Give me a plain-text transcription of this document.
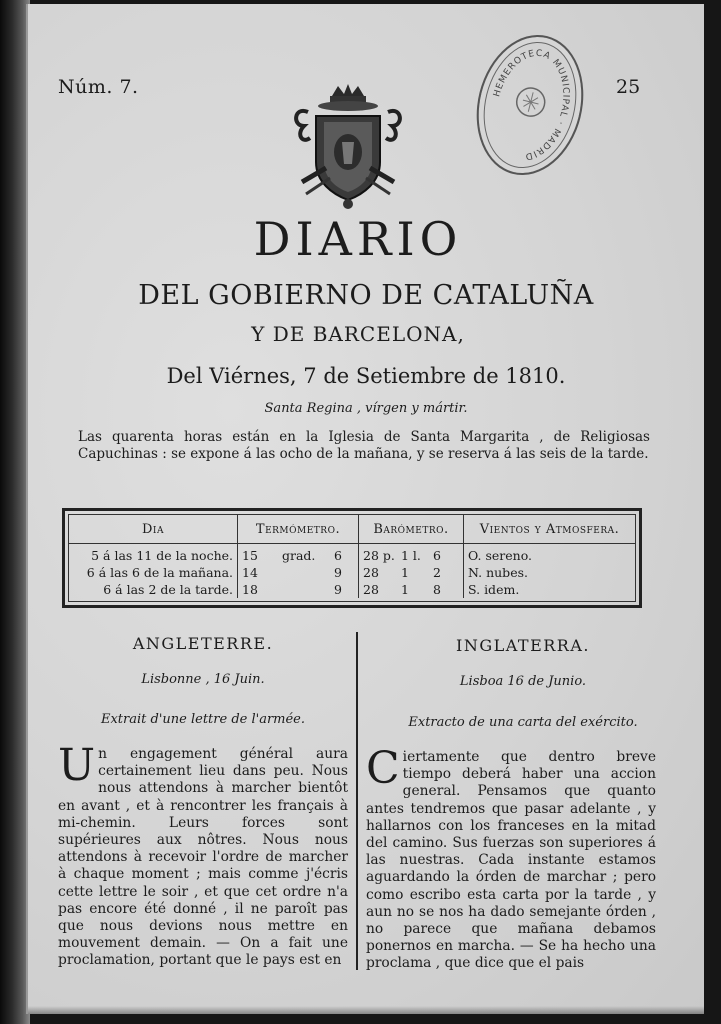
Núm. 7.	25
HEMEROTECA MUNICIPAL · MADRID
DIARIO
DEL GOBIERNO DE CATALUÑA
Y DE BARCELONA,
Del Viérnes, 7 de Setiembre de 1810.
Santa Regina , vírgen y mártir.
Las quarenta horas están en la Iglesia de Santa Margarita , de Religiosas Capuchinas : se expone á las ocho de la mañana, y se reserva á las seis de la tarde.
Dia	Termómetro.	Barómetro.	Vientos y Atmosfera.
5 á las 11 de la noche.	15 grad. 6	28 p. 1 l. 6	O. sereno.
6 á las 6 de la mañana.	14 9	28 1 2	N. nubes.
6 á las 2 de la tarde.	18 9	28 1 8	S. idem.
ANGLETERRE.	INGLATERRA.
Lisbonne , 16 Juin.	Lisboa 16 de Junio.
Extrait d'une lettre de l'armée.	Extracto de una carta del exército.
Un engagement général aura certainement lieu dans peu. Nous nous attendons à marcher bientôt en avant , et à rencontrer les français à mi-chemin. Leurs forces sont supérieures aux nôtres. Nous nous attendons à recevoir l'ordre de marcher à chaque moment ; mais comme j'écris cette lettre le soir , et que cet ordre n'a pas encore été donné , il ne paroît pas que nous devions nous mettre en mouvement demain. — On a fait une proclamation, portant que le pays est en
Ciertamente que dentro breve tiempo deberá haber una accion general. Pensamos que quanto antes tendremos que pasar adelante , y hallarnos con los franceses en la mitad del camino. Sus fuerzas son superiores á las nuestras. Cada instante estamos aguardando la órden de marchar ; pero como escribo esta carta por la tarde , y aun no se nos ha dado semejante órden , no parece que mañana debamos ponernos en marcha. — Se ha hecho una proclama , que dice que el pais
